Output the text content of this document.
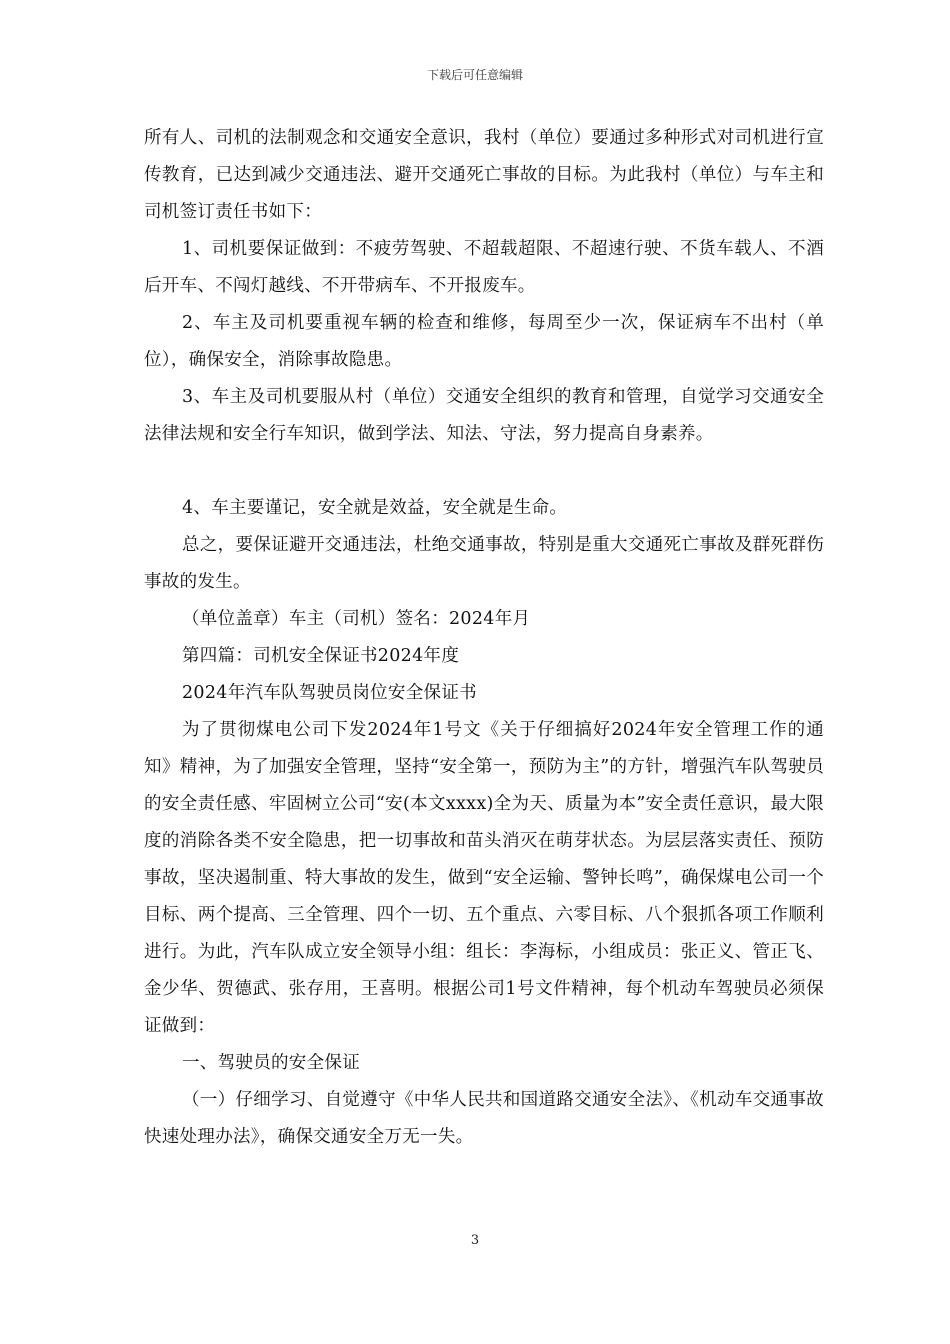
下载后可任意编辑

所有人、司机的法制观念和交通安全意识，我村（单位）要通过多种形式对司机进行宣传教育，已达到减少交通违法、避开交通死亡事故的目标。为此我村（单位）与车主和司机签订责任书如下：

1、司机要保证做到：不疲劳驾驶、不超载超限、不超速行驶、不货车载人、不酒后开车、不闯灯越线、不开带病车、不开报废车。

2、车主及司机要重视车辆的检查和维修，每周至少一次，保证病车不出村（单位），确保安全，消除事故隐患。

3、车主及司机要服从村（单位）交通安全组织的教育和管理，自觉学习交通安全法律法规和安全行车知识，做到学法、知法、守法，努力提高自身素养。

4、车主要谨记，安全就是效益，安全就是生命。

总之，要保证避开交通违法，杜绝交通事故，特别是重大交通死亡事故及群死群伤事故的发生。

（单位盖章）车主（司机）签名：2024年月

第四篇：司机安全保证书2024年度

2024年汽车队驾驶员岗位安全保证书

为了贯彻煤电公司下发2024年1号文《关于仔细搞好2024年安全管理工作的通知》精神，为了加强安全管理，坚持“安全第一，预防为主”的方针，增强汽车队驾驶员的安全责任感、牢固树立公司“安(本文xxxx)全为天、质量为本”安全责任意识，最大限度的消除各类不安全隐患，把一切事故和苗头消灭在萌芽状态。为层层落实责任、预防事故，坚决遏制重、特大事故的发生，做到“安全运输、警钟长鸣”，确保煤电公司一个目标、两个提高、三全管理、四个一切、五个重点、六零目标、八个狠抓各项工作顺利进行。为此，汽车队成立安全领导小组：组长：李海标，小组成员：张正义、管正飞、金少华、贺德武、张存用，王喜明。根据公司1号文件精神，每个机动车驾驶员必须保证做到：

一、驾驶员的安全保证

（一）仔细学习、自觉遵守《中华人民共和国道路交通安全法》、《机动车交通事故快速处理办法》，确保交通安全万无一失。

3
